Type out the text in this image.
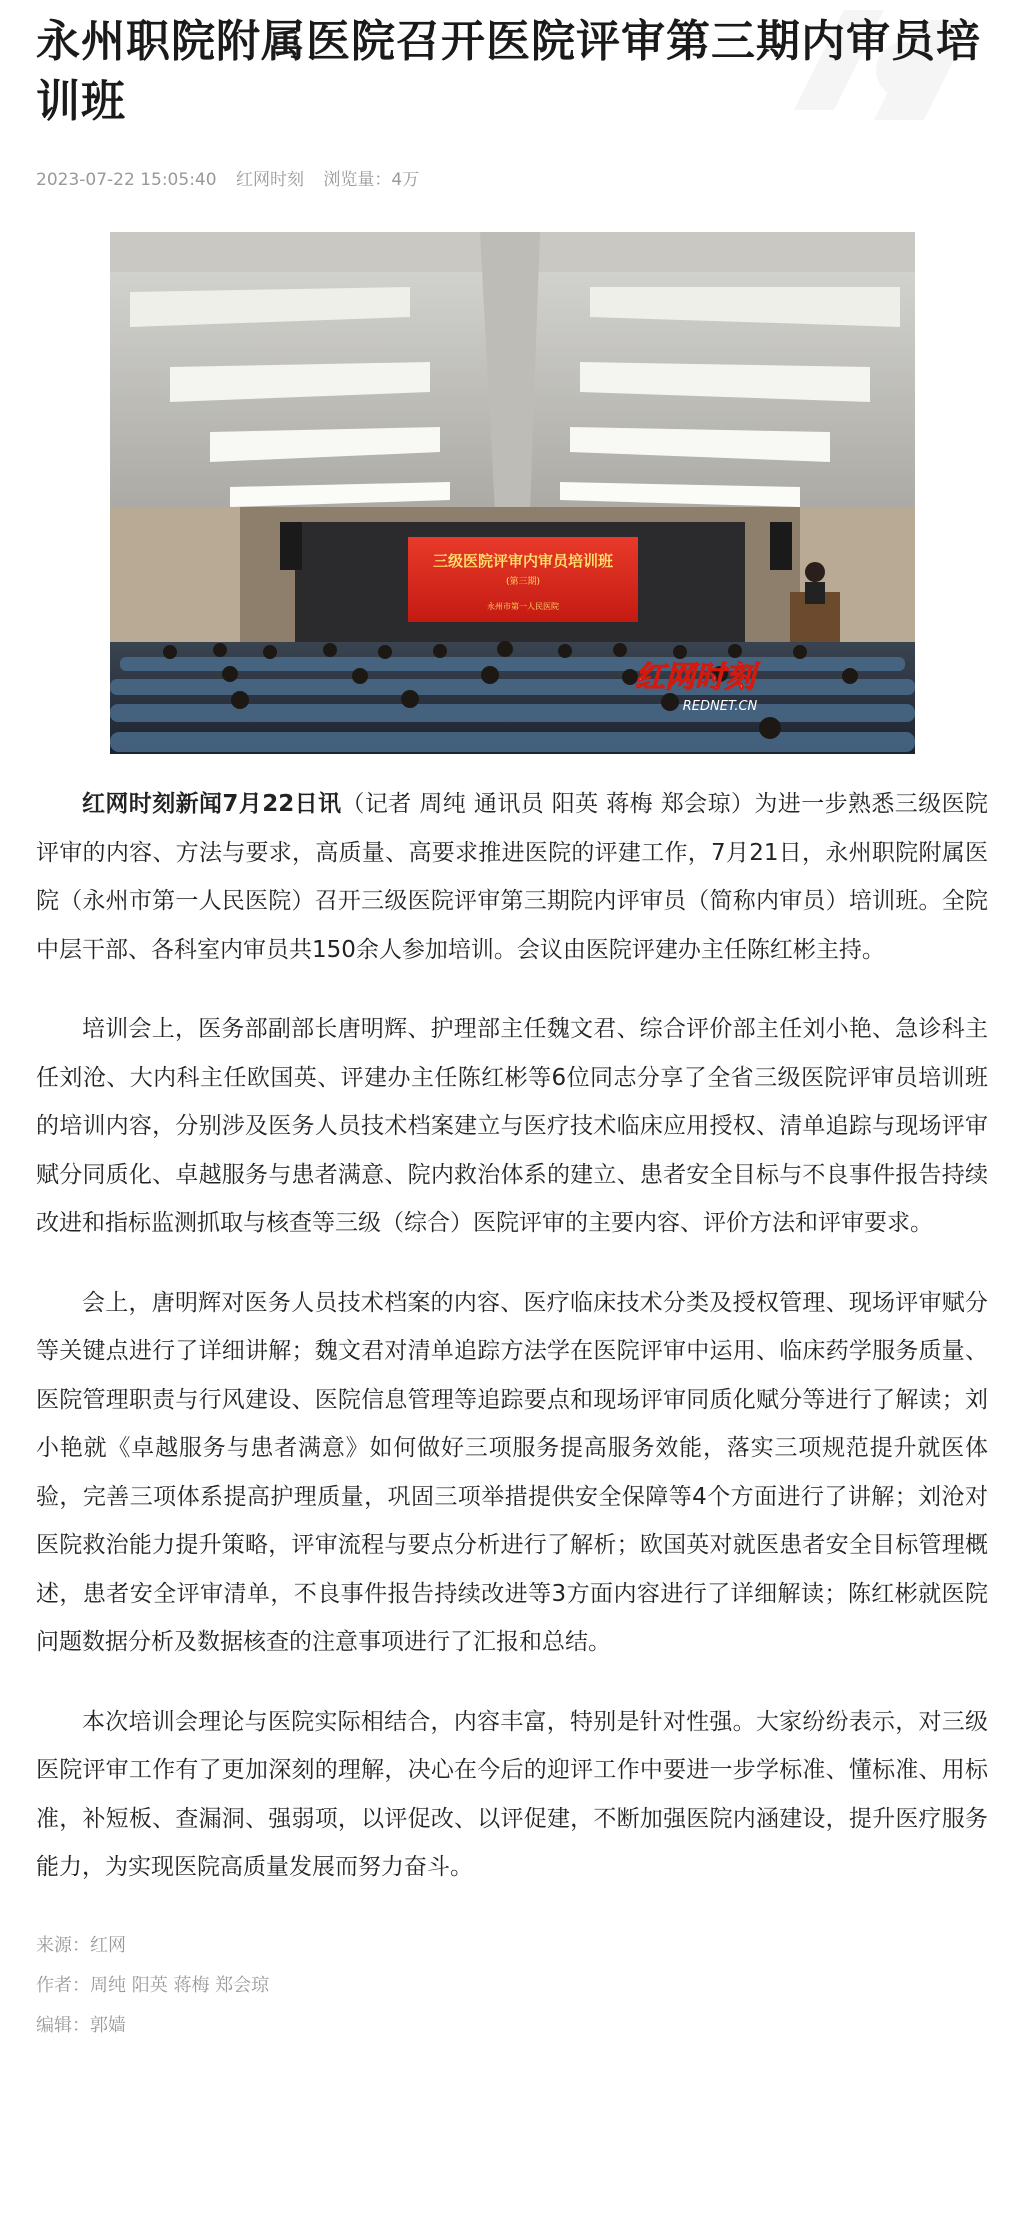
永州职院附属医院召开医院评审第三期内审员培训班
2023-07-22 15:05:40 红网时刻 浏览量：4万
三级医院评审内审员培训班
(第三期)
永州市第一人民医院
红网时刻
REDNET.CN

红网时刻新闻7月22日讯（记者 周纯 通讯员 阳英 蒋梅 郑会琼）为进一步熟悉三级医院评审的内容、方法与要求，高质量、高要求推进医院的评建工作，7月21日，永州职院附属医院（永州市第一人民医院）召开三级医院评审第三期院内评审员（简称内审员）培训班。全院中层干部、各科室内审员共150余人参加培训。会议由医院评建办主任陈红彬主持。

培训会上，医务部副部长唐明辉、护理部主任魏文君、综合评价部主任刘小艳、急诊科主任刘沧、大内科主任欧国英、评建办主任陈红彬等6位同志分享了全省三级医院评审员培训班的培训内容，分别涉及医务人员技术档案建立与医疗技术临床应用授权、清单追踪与现场评审赋分同质化、卓越服务与患者满意、院内救治体系的建立、患者安全目标与不良事件报告持续改进和指标监测抓取与核查等三级（综合）医院评审的主要内容、评价方法和评审要求。

会上，唐明辉对医务人员技术档案的内容、医疗临床技术分类及授权管理、现场评审赋分等关键点进行了详细讲解；魏文君对清单追踪方法学在医院评审中运用、临床药学服务质量、医院管理职责与行风建设、医院信息管理等追踪要点和现场评审同质化赋分等进行了解读；刘小艳就《卓越服务与患者满意》如何做好三项服务提高服务效能，落实三项规范提升就医体验，完善三项体系提高护理质量，巩固三项举措提供安全保障等4个方面进行了讲解；刘沧对医院救治能力提升策略，评审流程与要点分析进行了解析；欧国英对就医患者安全目标管理概述，患者安全评审清单，不良事件报告持续改进等3方面内容进行了详细解读；陈红彬就医院问题数据分析及数据核查的注意事项进行了汇报和总结。

本次培训会理论与医院实际相结合，内容丰富，特别是针对性强。大家纷纷表示，对三级医院评审工作有了更加深刻的理解，决心在今后的迎评工作中要进一步学标准、懂标准、用标准，补短板、查漏洞、强弱项，以评促改、以评促建，不断加强医院内涵建设，提升医疗服务能力，为实现医院高质量发展而努力奋斗。

来源：红网
作者：周纯 阳英 蒋梅 郑会琼
编辑：郭嫱
